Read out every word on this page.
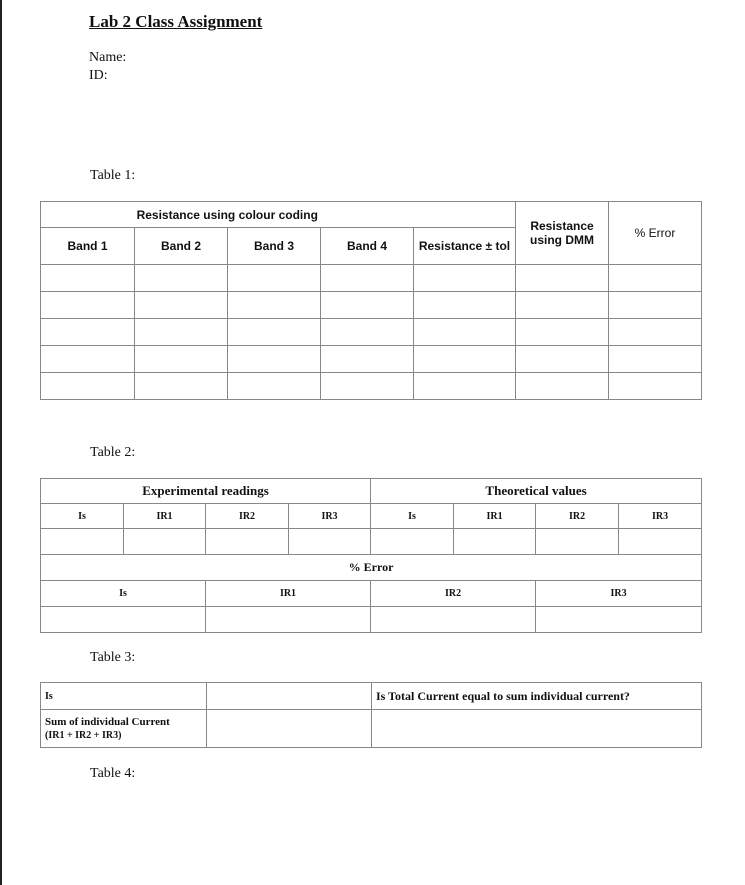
Lab 2 Class Assignment
Name:
ID:
Table 1:
Resistance using colour coding					Resistance using DMM	% Error
Band 1	Band 2	Band 3	Band 4	Resistance ± tol		

Table 2:
Experimental readings				Theoretical values			
Is	IR1	IR2	IR3	Is	IR1	IR2	IR3

% Error							
Is		IR1		IR2		IR3	

Table 3:
Is		Is Total Current equal to sum individual current?

Sum of individual Current
(IR1 + IR2 + IR3)		

Table 4:
